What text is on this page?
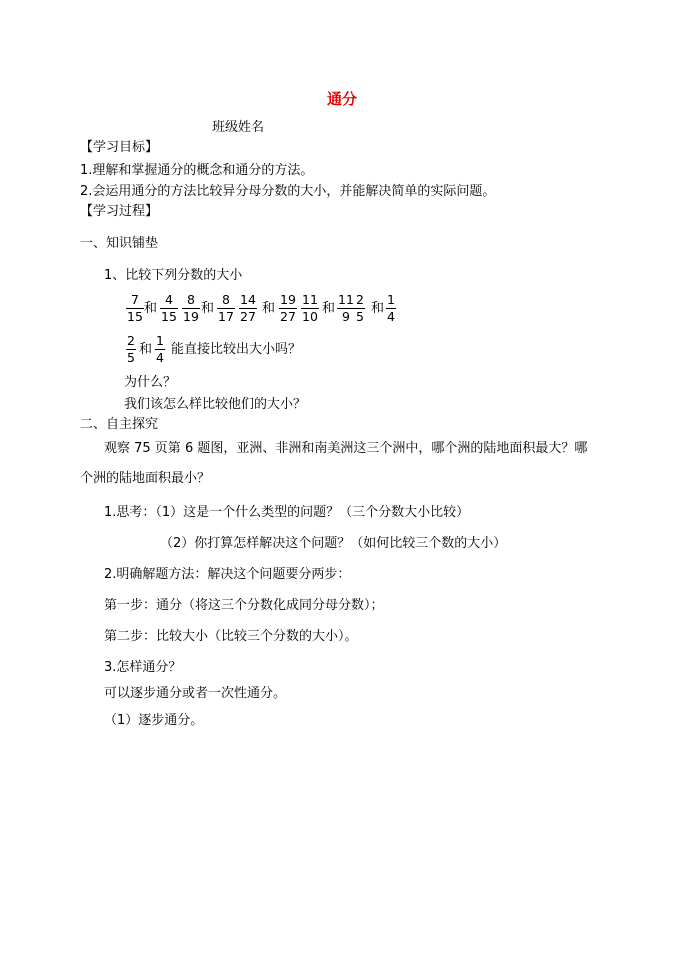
通分
班级姓名
【学习目标】
1.理解和掌握通分的概念和通分的方法。
2.会运用通分的方法比较异分母分数的大小，并能解决简单的实际问题。
【学习过程】
一、知识铺垫
1、比较下列分数的大小
7
15
和
4
15
8
19
和
8
17
14
27
和
19
27
11
10
和
11
9
2
5
和
1
4
2
5
和
1
4
能直接比较出大小吗？
为什么？
我们该怎么样比较他们的大小？
二、自主探究
观察 75 页第 6 题图，亚洲、非洲和南美洲这三个洲中，哪个洲的陆地面积最大？哪
个洲的陆地面积最小？
1.思考：（1）这是一个什么类型的问题？（三个分数大小比较）
（2）你打算怎样解决这个问题？（如何比较三个数的大小）
2.明确解题方法：解决这个问题要分两步：
第一步：通分（将这三个分数化成同分母分数）；
第二步：比较大小（比较三个分数的大小）。
3.怎样通分？
可以逐步通分或者一次性通分。
（1）逐步通分。
